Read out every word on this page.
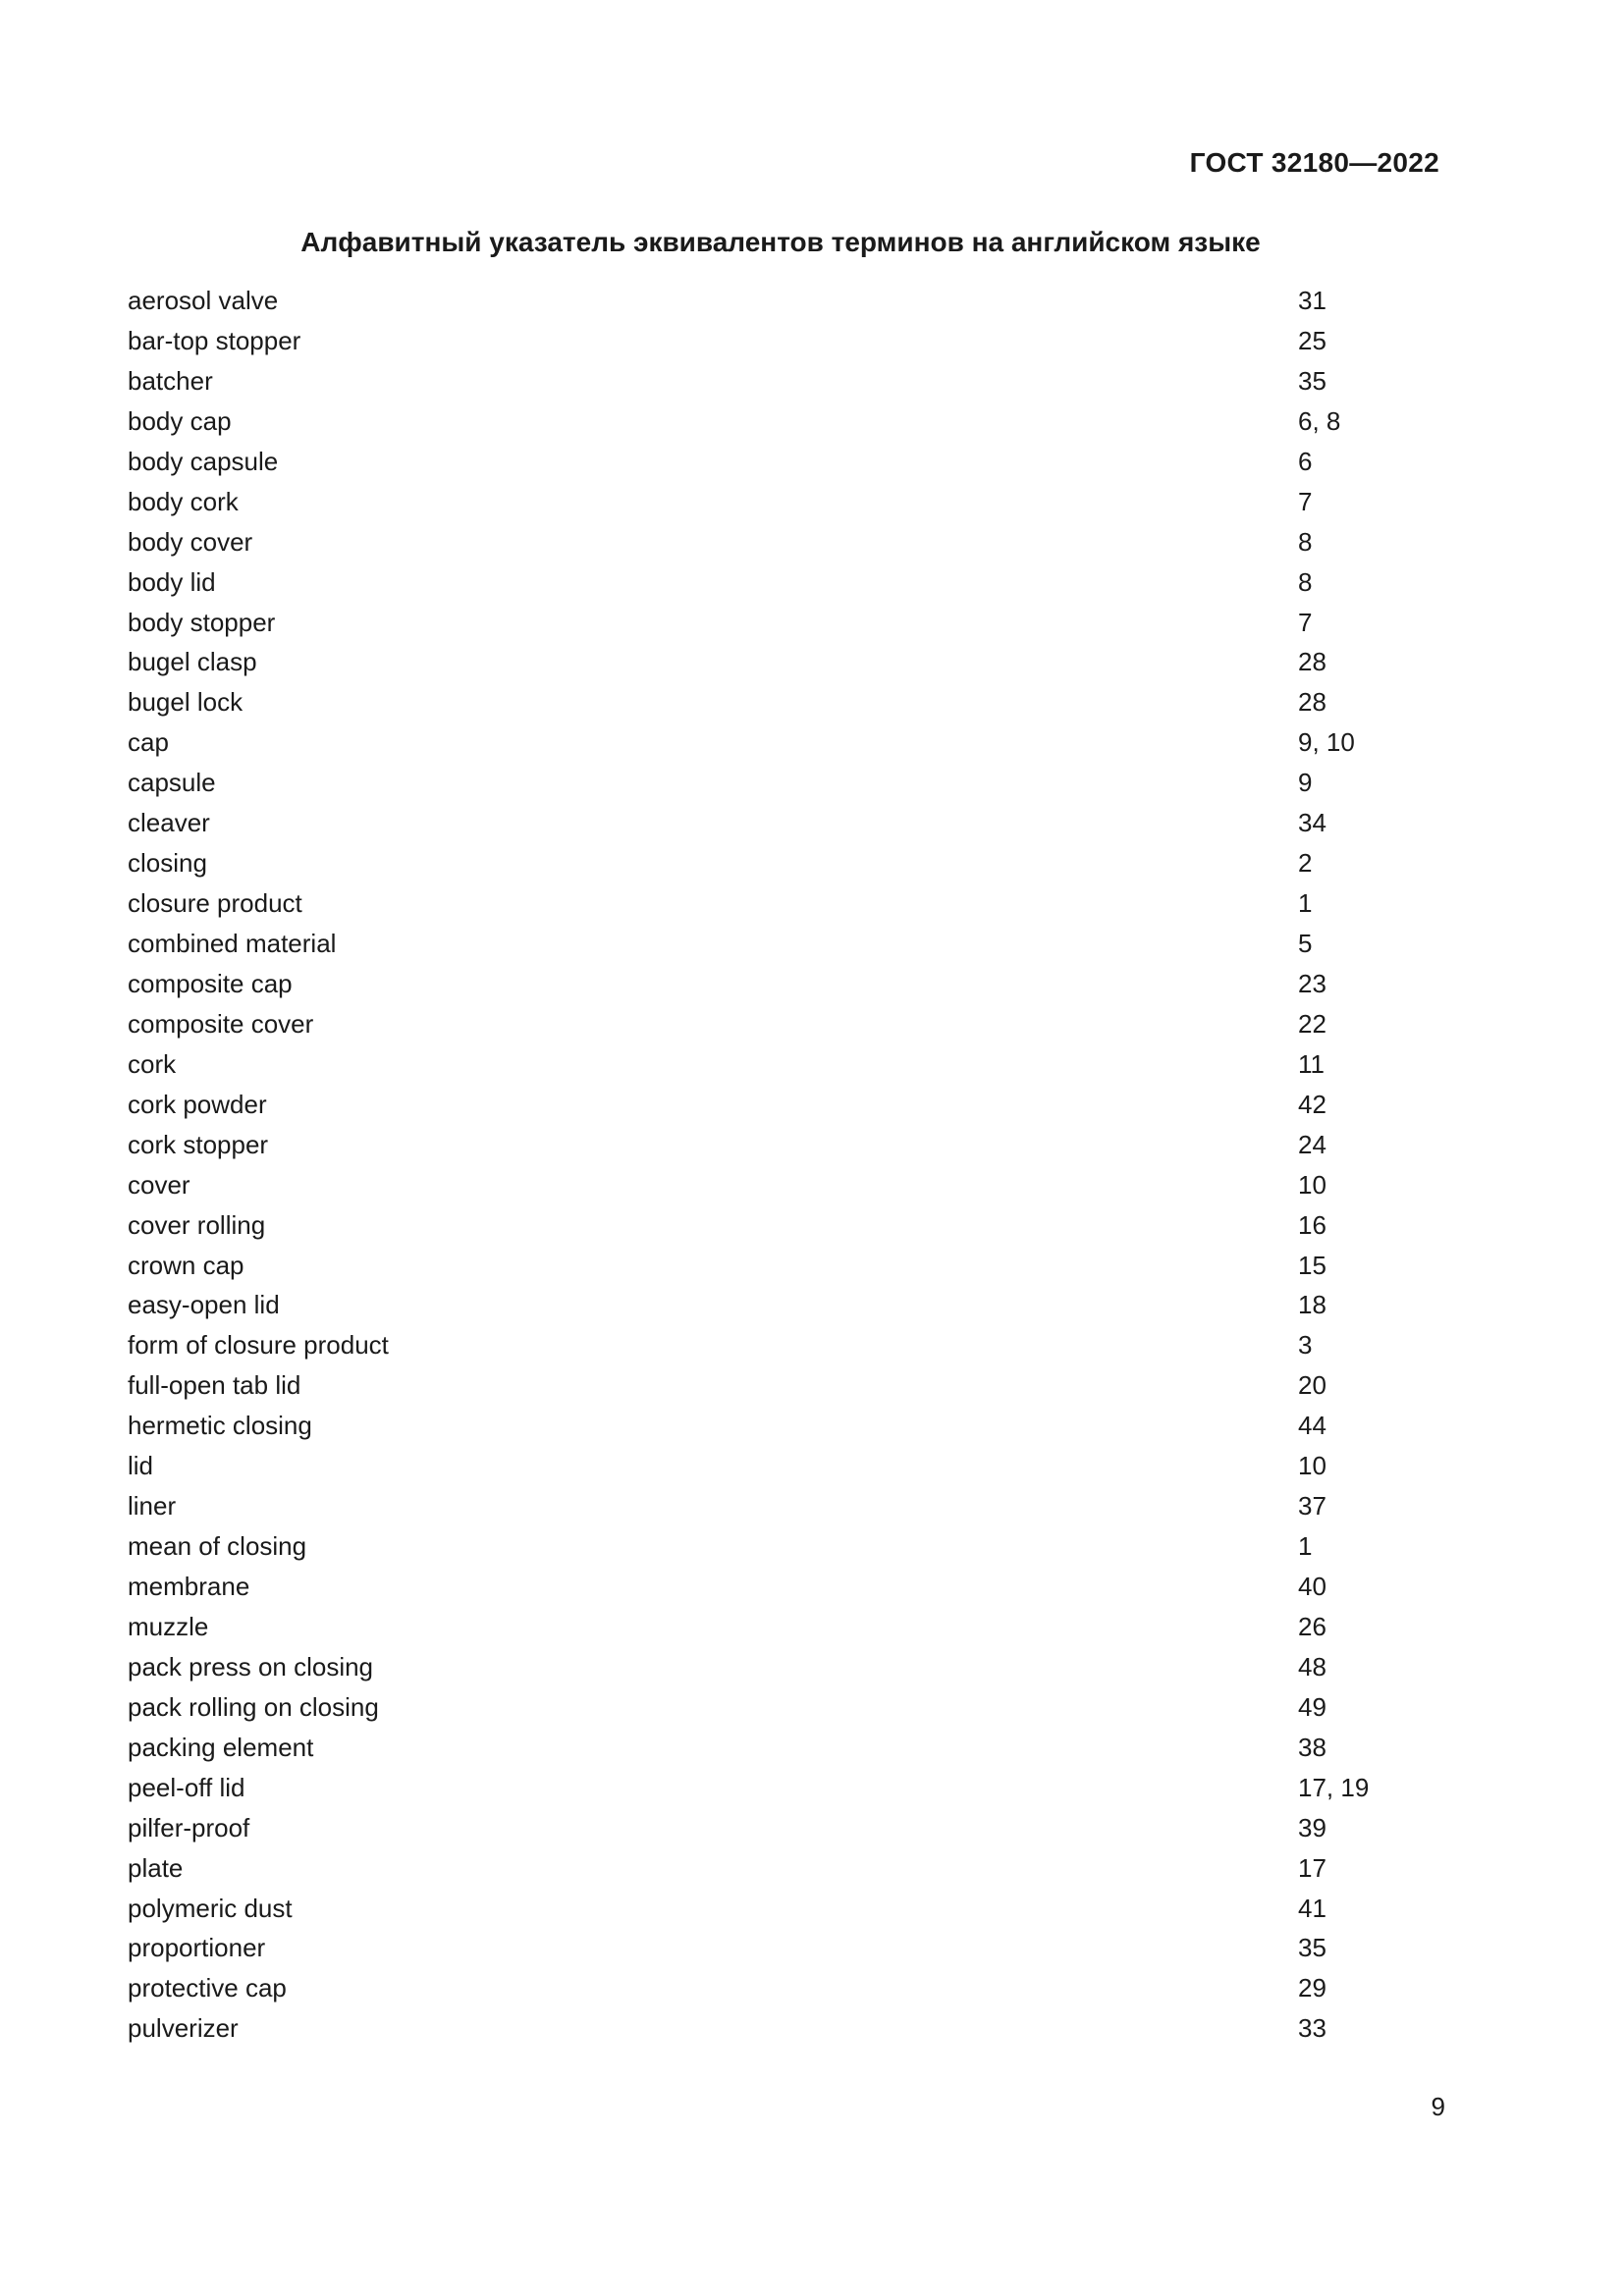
ГОСТ 32180—2022
Алфавитный указатель эквивалентов терминов на английском языке
aerosol valve	31
bar-top stopper	25
batcher	35
body cap	6, 8
body capsule	6
body cork	7
body cover	8
body lid	8
body stopper	7
bugel clasp	28
bugel lock	28
cap	9, 10
capsule	9
cleaver	34
closing	2
closure product	1
combined material	5
composite cap	23
composite cover	22
cork	11
cork powder	42
cork stopper	24
cover	10
cover rolling	16
crown cap	15
easy-open lid	18
form of closure product	3
full-open tab lid	20
hermetic closing	44
lid	10
liner	37
mean of closing	1
membrane	40
muzzle	26
pack press on closing	48
pack rolling on closing	49
packing element	38
peel-off lid	17, 19
pilfer-proof	39
plate	17
polymeric dust	41
proportioner	35
protective cap	29
pulverizer	33
9
